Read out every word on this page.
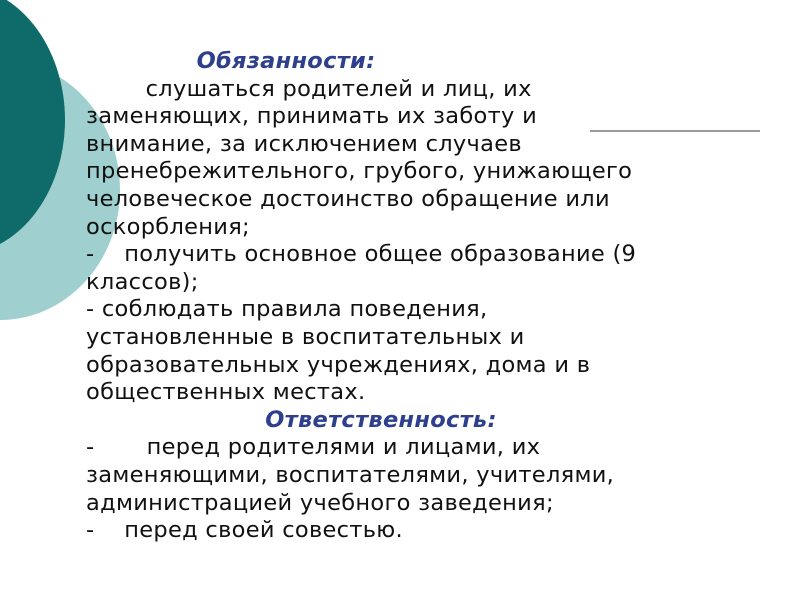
Обязанности:
слушаться родителей и лиц, их
заменяющих, принимать их заботу и
внимание, за исключением случаев
пренебрежительного, грубого, унижающего
человеческое достоинство обращение или
оскорбления;
-    получить основное общее образование (9
классов);
- соблюдать правила поведения,
установленные в воспитательных и
образовательных учреждениях, дома и в
общественных местах.
Ответственность:
-       перед родителями и лицами, их
заменяющими, воспитателями, учителями,
администрацией учебного заведения;
-    перед своей совестью.
